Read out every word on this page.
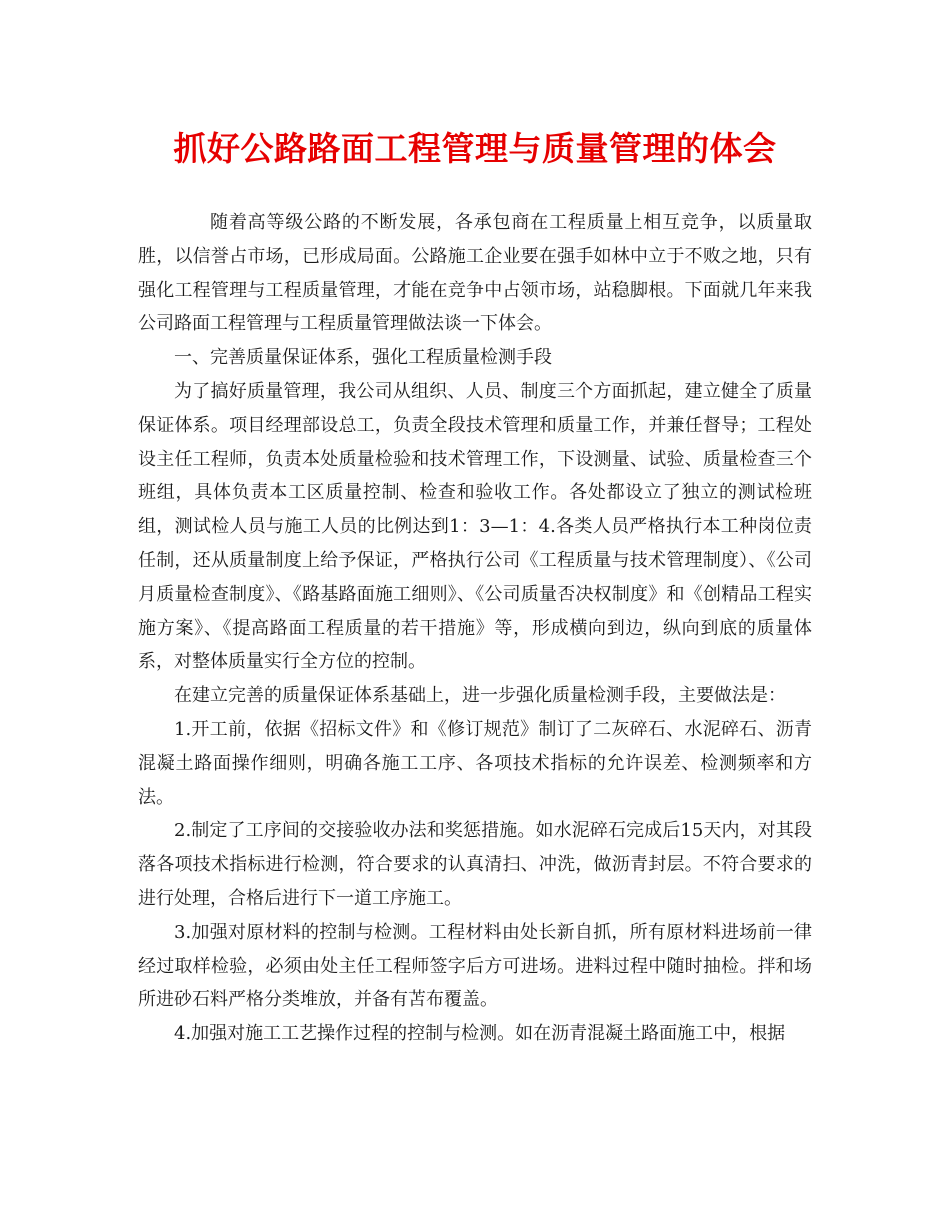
抓好公路路面工程管理与质量管理的体会

随着高等级公路的不断发展，各承包商在工程质量上相互竞争，以质量取胜，以信誉占市场，已形成局面。公路施工企业要在强手如林中立于不败之地，只有强化工程管理与工程质量管理，才能在竞争中占领市场，站稳脚根。下面就几年来我公司路面工程管理与工程质量管理做法谈一下体会。

一、完善质量保证体系，强化工程质量检测手段

为了搞好质量管理，我公司从组织、人员、制度三个方面抓起，建立健全了质量保证体系。项目经理部设总工，负责全段技术管理和质量工作，并兼任督导；工程处设主任工程师，负责本处质量检验和技术管理工作，下设测量、试验、质量检查三个班组，具体负责本工区质量控制、检查和验收工作。各处都设立了独立的测试检班组，测试检人员与施工人员的比例达到1：3—1：4.各类人员严格执行本工种岗位责任制，还从质量制度上给予保证，严格执行公司《工程质量与技术管理制度）、《公司月质量检查制度》、《路基路面施工细则》、《公司质量否决权制度》和《创精品工程实施方案》、《提高路面工程质量的若干措施》等，形成横向到边，纵向到底的质量体系，对整体质量实行全方位的控制。

在建立完善的质量保证体系基础上，进一步强化质量检测手段，主要做法是：

1.开工前，依据《招标文件》和《修订规范》制订了二灰碎石、水泥碎石、沥青混凝土路面操作细则，明确各施工工序、各项技术指标的允许误差、检测频率和方法。

2.制定了工序间的交接验收办法和奖惩措施。如水泥碎石完成后15天内，对其段落各项技术指标进行检测，符合要求的认真清扫、冲洗，做沥青封层。不符合要求的进行处理，合格后进行下一道工序施工。

3.加强对原材料的控制与检测。工程材料由处长新自抓，所有原材料进场前一律经过取样检验，必须由处主任工程师签字后方可进场。进料过程中随时抽检。拌和场所进砂石料严格分类堆放，并备有苫布覆盖。

4.加强对施工工艺操作过程的控制与检测。如在沥青混凝土路面施工中，根据
